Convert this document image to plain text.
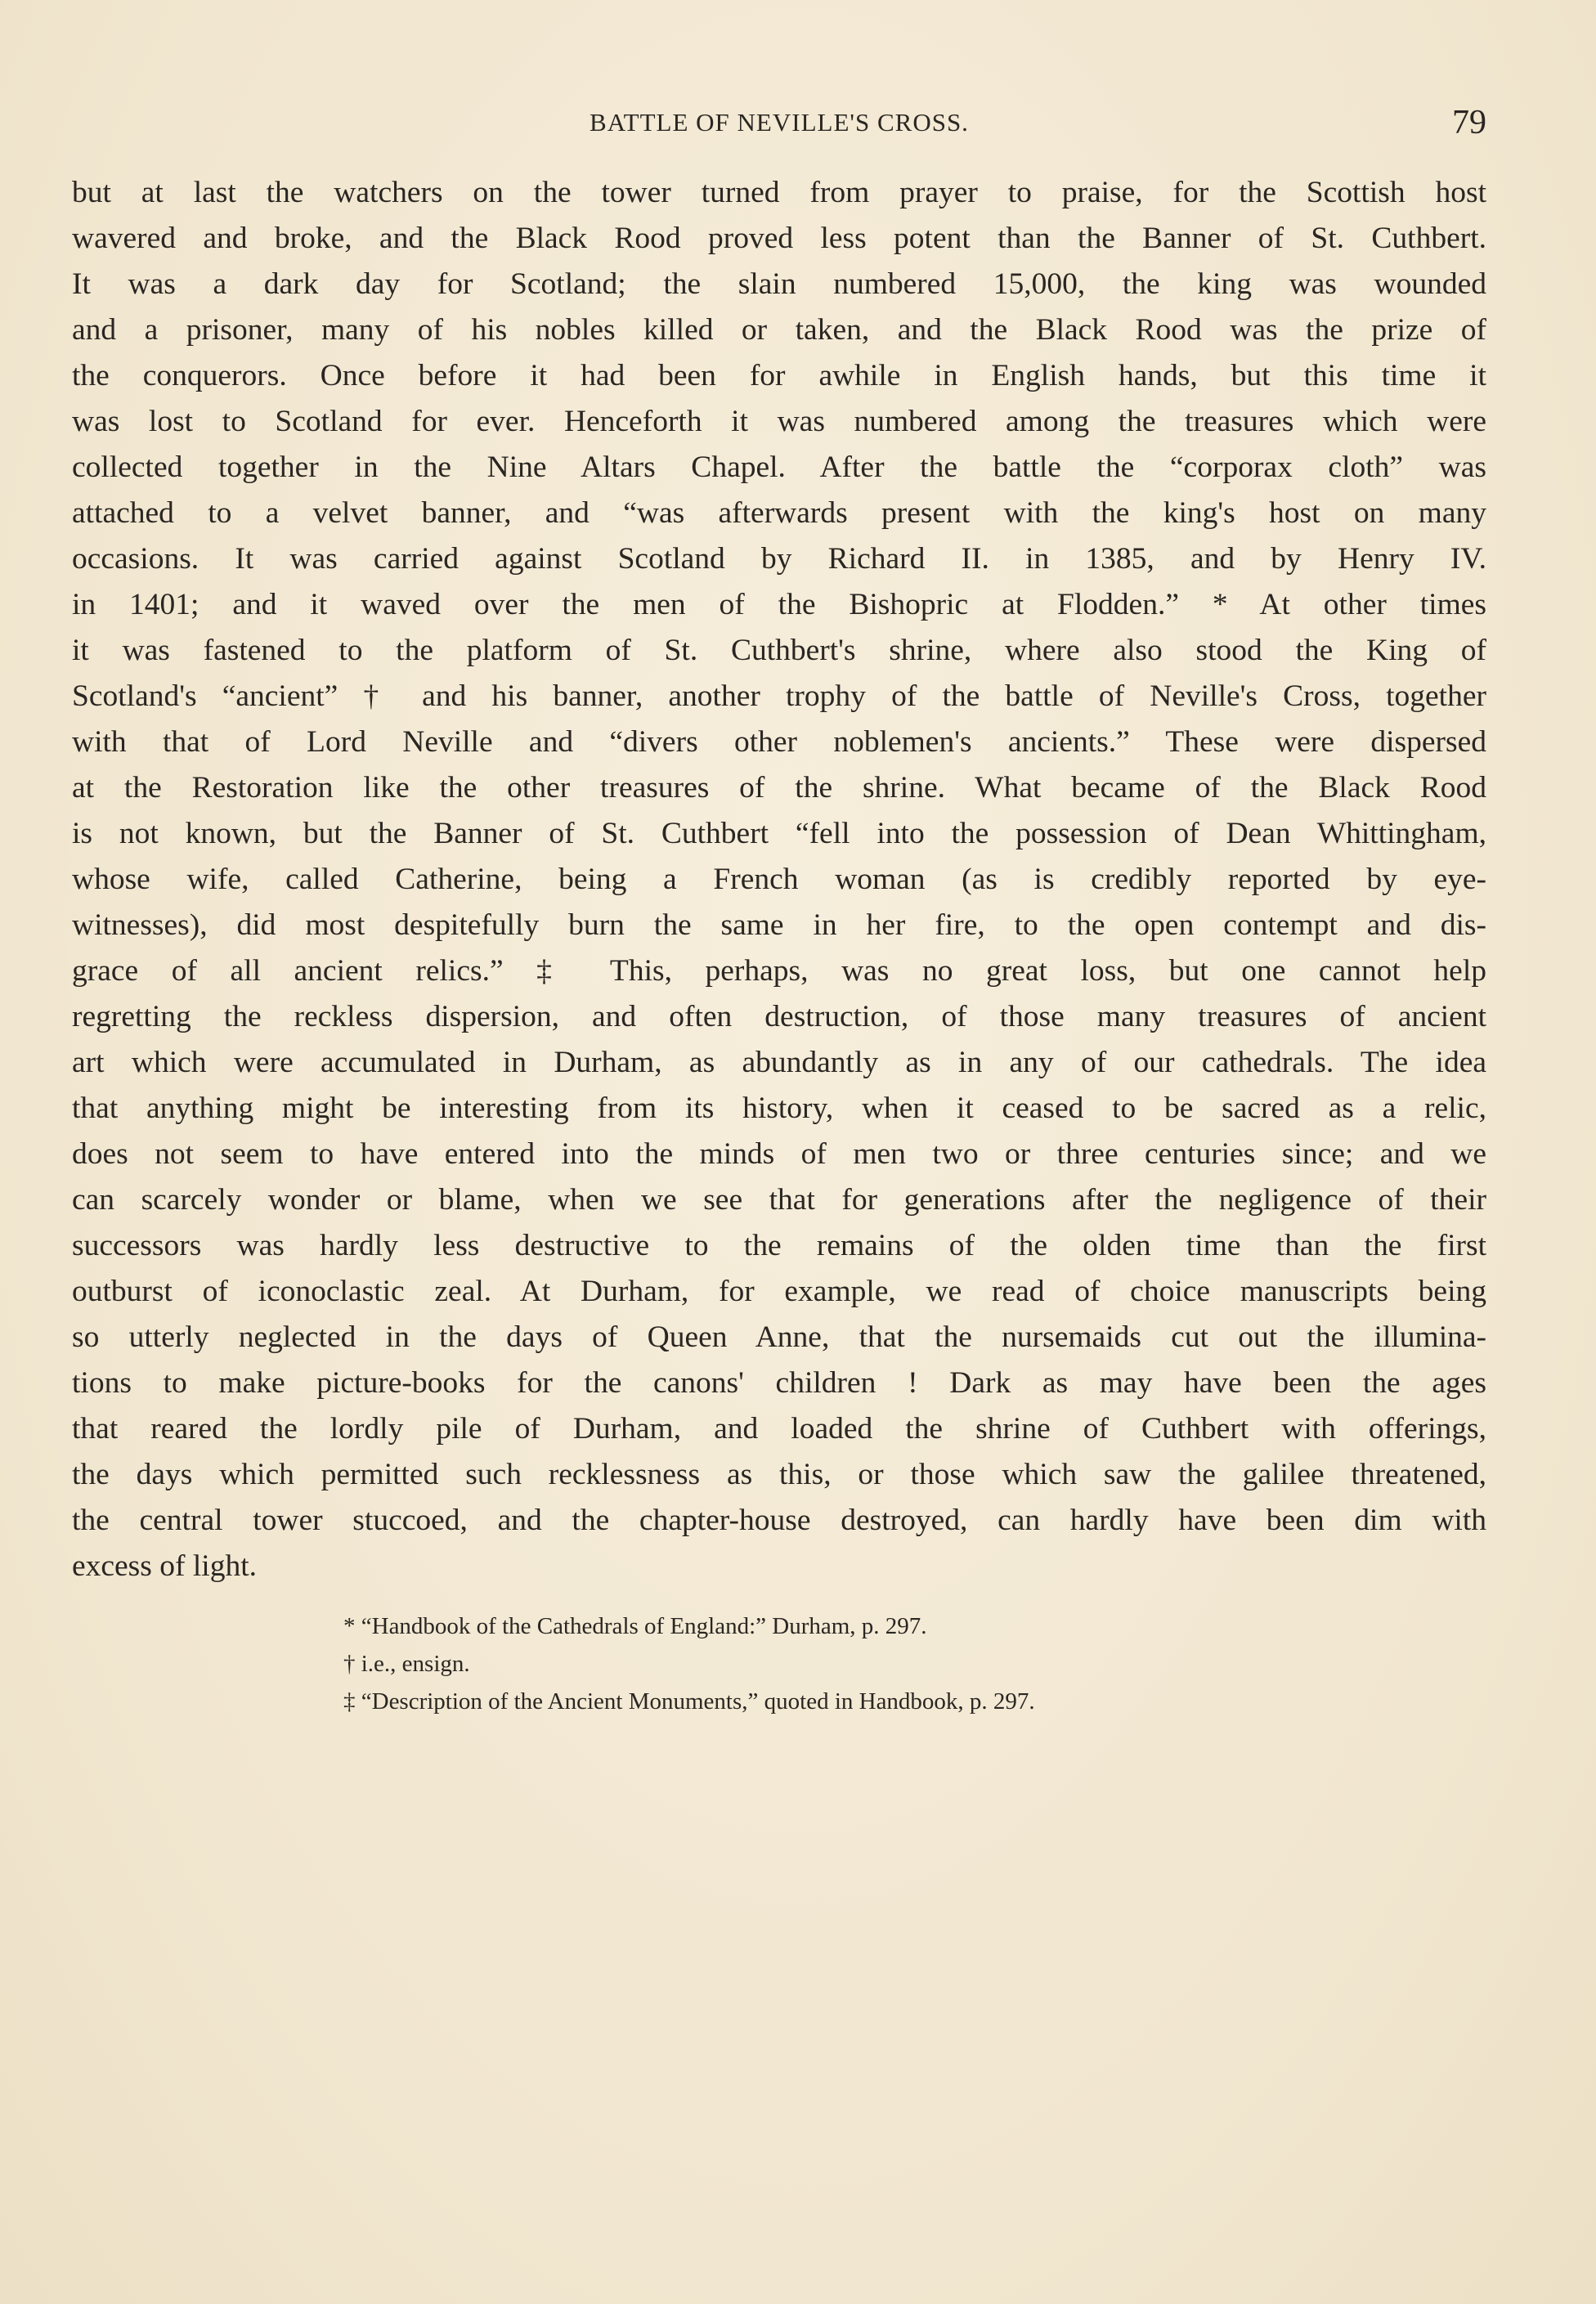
BATTLE OF NEVILLE'S CROSS.	79
but at last the watchers on the tower turned from prayer to praise, for the Scottish host
wavered and broke, and the Black Rood proved less potent than the Banner of St. Cuthbert.
It was a dark day for Scotland; the slain numbered 15,000, the king was wounded
and a prisoner, many of his nobles killed or taken, and the Black Rood was the prize of
the conquerors. Once before it had been for awhile in English hands, but this time it
was lost to Scotland for ever. Henceforth it was numbered among the treasures which were
collected together in the Nine Altars Chapel. After the battle the “corporax cloth” was
attached to a velvet banner, and “was afterwards present with the king's host on many
occasions. It was carried against Scotland by Richard II. in 1385, and by Henry IV.
in 1401; and it waved over the men of the Bishopric at Flodden.” * At other times
it was fastened to the platform of St. Cuthbert's shrine, where also stood the King of
Scotland's “ancient” † and his banner, another trophy of the battle of Neville's Cross, together
with that of Lord Neville and “divers other noblemen's ancients.” These were dispersed
at the Restoration like the other treasures of the shrine. What became of the Black Rood
is not known, but the Banner of St. Cuthbert “fell into the possession of Dean Whittingham,
whose wife, called Catherine, being a French woman (as is credibly reported by eye-
witnesses), did most despitefully burn the same in her fire, to the open contempt and dis-
grace of all ancient relics.” ‡ This, perhaps, was no great loss, but one cannot help
regretting the reckless dispersion, and often destruction, of those many treasures of ancient
art which were accumulated in Durham, as abundantly as in any of our cathedrals. The idea
that anything might be interesting from its history, when it ceased to be sacred as a relic,
does not seem to have entered into the minds of men two or three centuries since; and we
can scarcely wonder or blame, when we see that for generations after the negligence of their
successors was hardly less destructive to the remains of the olden time than the first
outburst of iconoclastic zeal. At Durham, for example, we read of choice manuscripts being
so utterly neglected in the days of Queen Anne, that the nursemaids cut out the illumina-
tions to make picture-books for the canons' children ! Dark as may have been the ages
that reared the lordly pile of Durham, and loaded the shrine of Cuthbert with offerings,
the days which permitted such recklessness as this, or those which saw the galilee threatened,
the central tower stuccoed, and the chapter-house destroyed, can hardly have been dim with
excess of light.
* “Handbook of the Cathedrals of England:” Durham, p. 297.
† i.e., ensign.
‡ “Description of the Ancient Monuments,” quoted in Handbook, p. 297.
